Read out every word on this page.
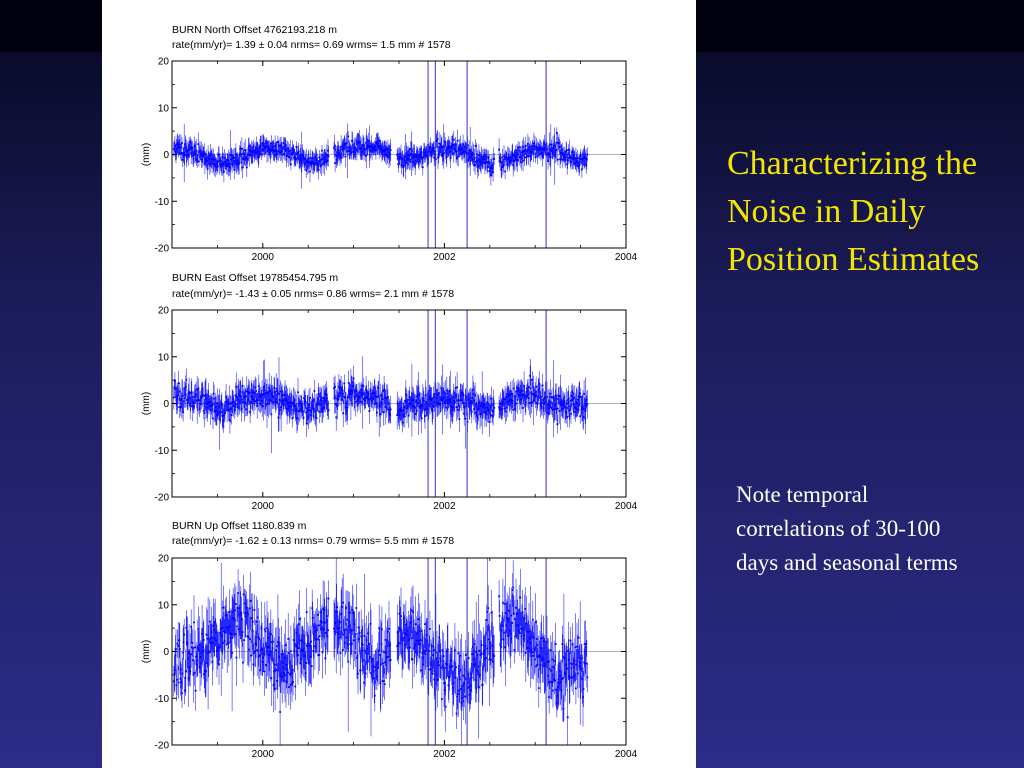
BURN North Offset 4762193.218 m
rate(mm/yr)= 1.39 ± 0.04 nrms= 0.69 wrms= 1.5 mm # 1578
20
10
0
-10
-20
2000	2002	2004
(mm)
BURN East Offset 19785454.795 m
rate(mm/yr)= -1.43 ± 0.05 nrms= 0.86 wrms= 2.1 mm # 1578
20
10
0
-10
-20
2000	2002	2004
(mm)
BURN Up Offset 1180.839 m
rate(mm/yr)= -1.62 ± 0.13 nrms= 0.79 wrms= 5.5 mm # 1578
20
10
0
-10
-20
2000	2002	2004
(mm)
Characterizing the Noise in Daily Position Estimates
Note temporal correlations of 30-100 days and seasonal terms
